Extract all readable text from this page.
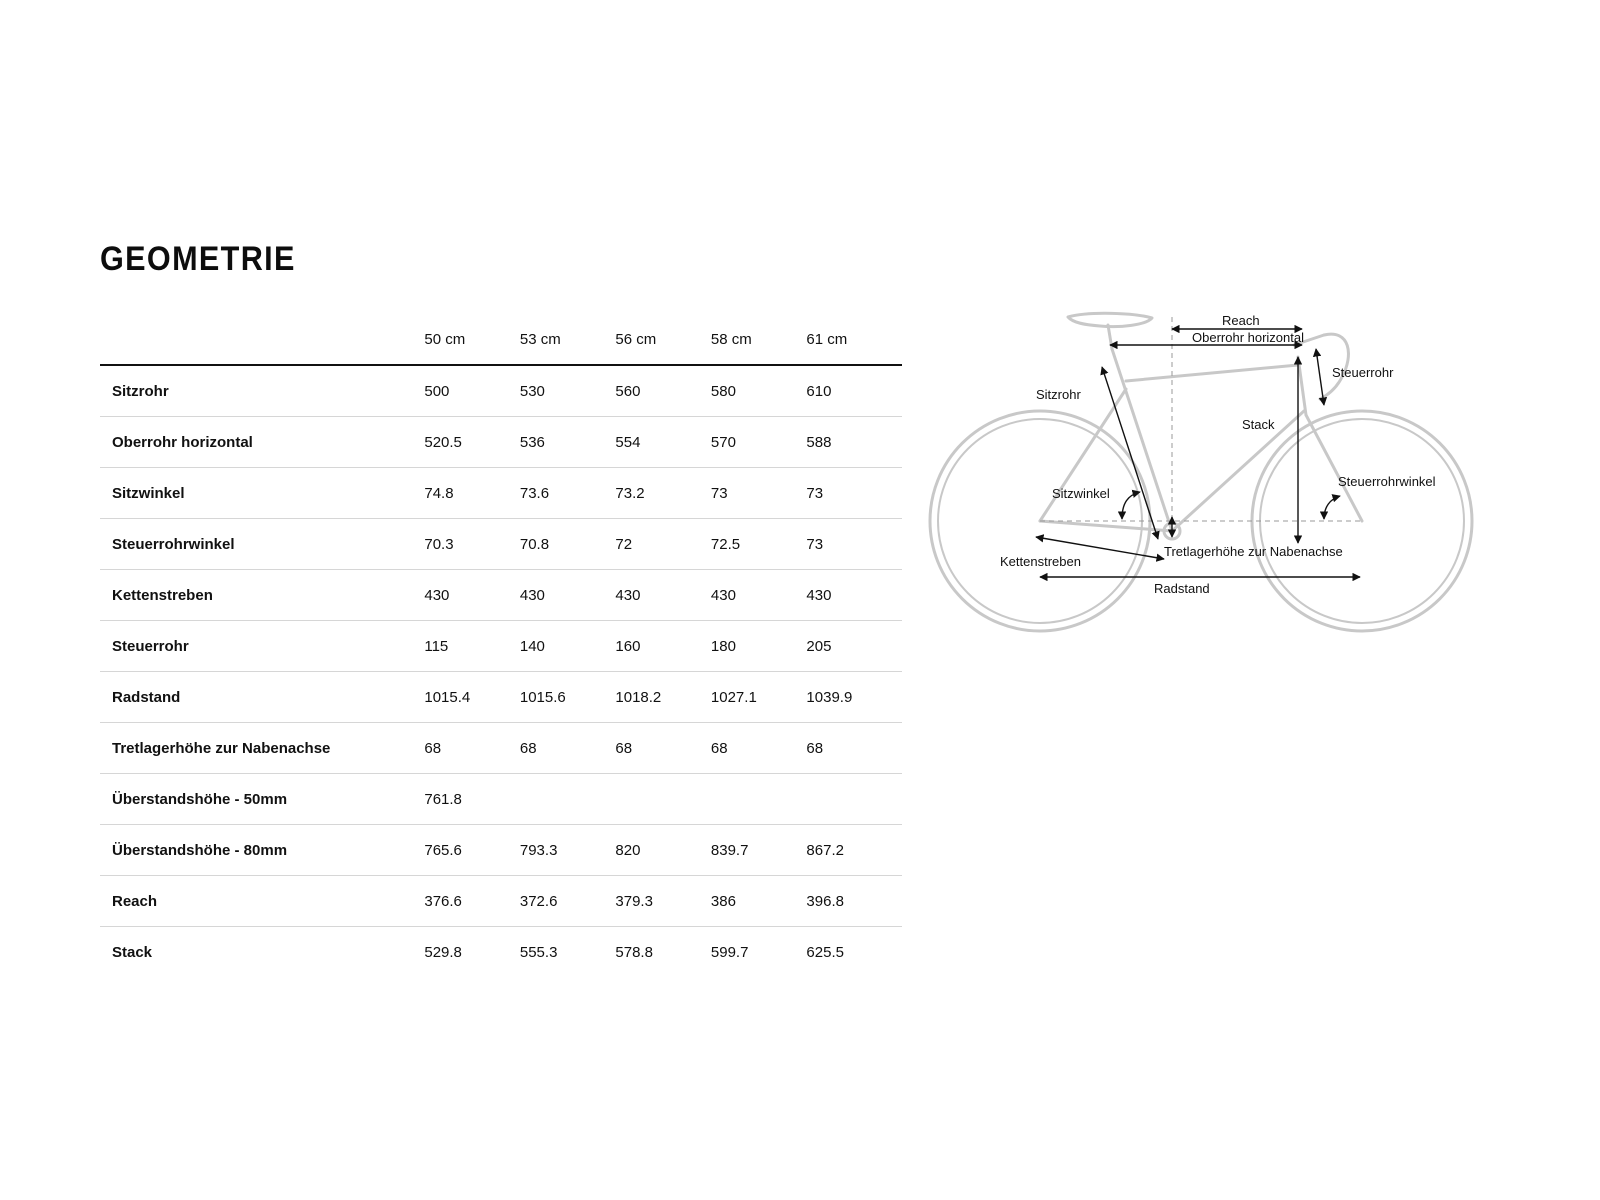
GEOMETRIE
	50 cm	53 cm	56 cm	58 cm	61 cm
Sitzrohr	500	530	560	580	610
Oberrohr horizontal	520.5	536	554	570	588
Sitzwinkel	74.8	73.6	73.2	73	73
Steuerrohrwinkel	70.3	70.8	72	72.5	73
Kettenstreben	430	430	430	430	430
Steuerrohr	115	140	160	180	205
Radstand	1015.4	1015.6	1018.2	1027.1	1039.9
Tretlagerhöhe zur Nabenachse	68	68	68	68	68
Überstandshöhe - 50mm	761.8				
Überstandshöhe - 80mm	765.6	793.3	820	839.7	867.2
Reach	376.6	372.6	379.3	386	396.8
Stack	529.8	555.3	578.8	599.7	625.5
Reach
Oberrohr horizontal
Steuerrohr
Sitzrohr
Stack
Sitzwinkel
Steuerrohrwinkel
Tretlagerhöhe zur Nabenachse
Kettenstreben
Radstand
